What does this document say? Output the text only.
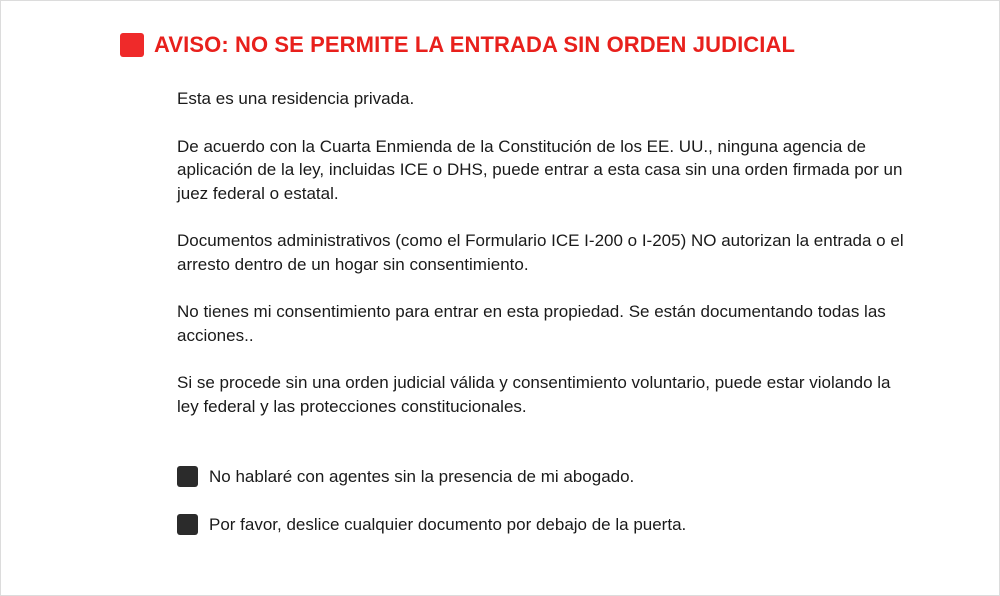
AVISO: NO SE PERMITE LA ENTRADA SIN ORDEN JUDICIAL

Esta es una residencia privada.

De acuerdo con la Cuarta Enmienda de la Constitución de los EE. UU., ninguna agencia de aplicación de la ley, incluidas ICE o DHS, puede entrar a esta casa sin una orden firmada por un juez federal o estatal.

Documentos administrativos (como el Formulario ICE I-200 o I-205) NO autorizan la entrada o el arresto dentro de un hogar sin consentimiento.

No tienes mi consentimiento para entrar en esta propiedad. Se están documentando todas las acciones..

Si se procede sin una orden judicial válida y consentimiento voluntario, puede estar violando la ley federal y las protecciones constitucionales.

No hablaré con agentes sin la presencia de mi abogado.
Por favor, deslice cualquier documento por debajo de la puerta.
